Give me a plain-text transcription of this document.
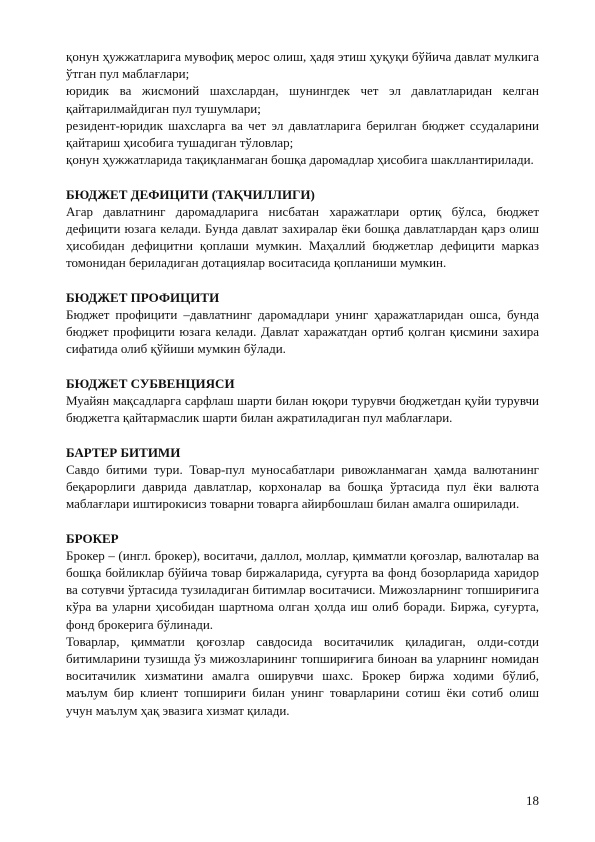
қонун ҳужжатларига мувофиқ мерос олиш, ҳадя этиш ҳуқуқи бўйича давлат мулкига ўтган пул маблағлари;

юридик ва жисмоний шахслардан, шунингдек чет эл давлатларидан келган қайтарилмайдиган пул тушумлари;

резидент-юридик шахсларга ва чет эл давлатларига берилган бюджет ссудаларини қайтариш ҳисобига тушадиган тўловлар;

қонун ҳужжатларида тақиқланмаган бошқа даромадлар ҳисобига шакллантирилади.

БЮДЖЕТ ДЕФИЦИТИ (ТАҚЧИЛЛИГИ)

Агар давлатнинг даромадларига нисбатан харажатлари ортиқ бўлса, бюджет дефицити юзага келади. Бунда давлат захиралар ёки бошқа давлатлардан қарз олиш ҳисобидан дефицитни қоплаши мумкин. Маҳаллий бюджетлар дефицити марказ томонидан бериладиган дотациялар воситасида қопланиши мумкин.

БЮДЖЕТ ПРОФИЦИТИ

Бюджет профицити –давлатнинг даромадлари унинг ҳаражатларидан ошса, бунда бюджет профицити юзага келади. Давлат харажатдан ортиб қолган қисмини захира сифатида олиб қўйиши мумкин бўлади.

БЮДЖЕТ СУБВЕНЦИЯСИ

Муайян мақсадларга сарфлаш шарти билан юқори турувчи бюджетдан қуйи турувчи бюджетга қайтармаслик шарти билан ажратиладиган пул маблағлари.

БАРТЕР БИТИМИ

Савдо битими тури. Товар-пул муносабатлари ривожланмаган ҳамда валютанинг беқарорлиги даврида давлатлар, корхоналар ва бошқа ўртасида пул ёки валюта маблағлари иштирокисиз товарни товарга айирбошлаш билан амалга оширилади.

БРОКЕР

Брокер – (ингл. брокер), воситачи, даллол, моллар, қимматли қоғозлар, валюталар ва бошқа бойликлар бўйича товар биржаларида, суғурта ва фонд бозорларида харидор ва сотувчи ўртасида тузиладиган битимлар воситачиси. Мижозларнинг топшириғига кўра ва уларни ҳисобидан шартнома олган ҳолда иш олиб боради. Биржа, суғурта, фонд брокерига бўлинади.

Товарлар, қимматли қоғозлар савдосида воситачилик қиладиган, олди-сотди битимларини тузишда ўз мижозларининг топшириғига биноан ва уларнинг номидан воситачилик хизматини амалга оширувчи шахс. Брокер биржа ходими бўлиб, маълум бир клиент топшириғи билан унинг товарларини сотиш ёки сотиб олиш учун маълум ҳақ эвазига хизмат қилади.

18
